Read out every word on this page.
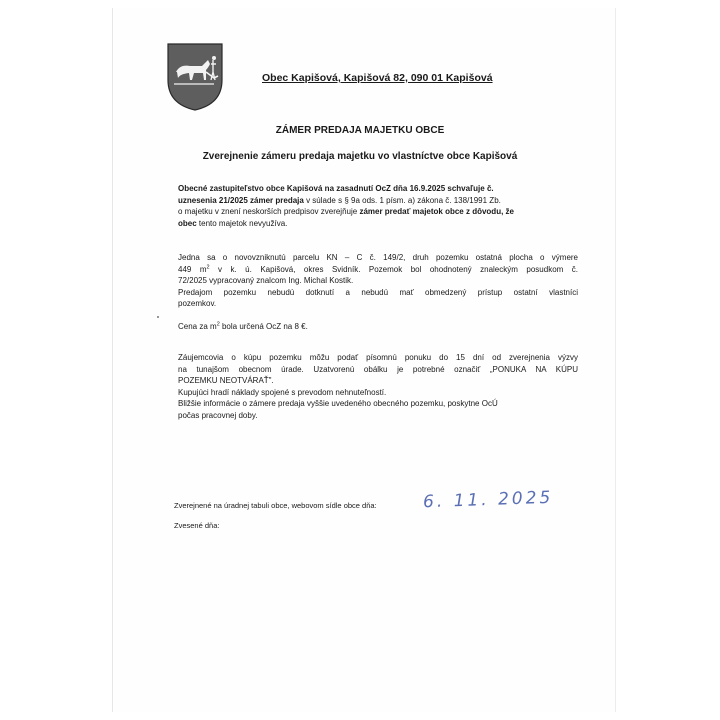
Obec Kapišová, Kapišová 82, 090 01 Kapišová
ZÁMER PREDAJA MAJETKU OBCE
Zverejnenie zámeru predaja majetku vo vlastníctve obce Kapišová
Obecné zastupiteľstvo obce Kapišová na zasadnutí OcZ dňa 16.9.2025 schvaľuje č.
uznesenia 21/2025 zámer predaja v súlade s § 9a ods. 1 písm. a) zákona č. 138/1991 Zb.
o majetku v znení neskorších predpisov zverejňuje zámer predať majetok obce z dôvodu, že
obec tento majetok nevyužíva.
Jedna sa o novovzniknutú parcelu KN – C č. 149/2, druh pozemku ostatná plocha o výmere
449 $m^2$ v k. ú. Kapišová, okres Svidník. Pozemok bol ohodnotený znaleckým posudkom č.
72/2025 vypracovaný znalcom Ing. Michal Kostik.
Predajom pozemku nebudú dotknutí a nebudú mať obmedzený prístup ostatní vlastníci
pozemkov.
Cena za $m^2$ bola určená OcZ na 8 €.
Záujemcovia o kúpu pozemku môžu podať písomnú ponuku do 15 dní od zverejnenia výzvy
na tunajšom obecnom úrade. Uzatvorenú obálku je potrebné označiť „PONUKA NA KÚPU
POZEMKU NEOTVÁRAŤ".
Kupujúci hradí náklady spojené s prevodom nehnuteľností.
Bližšie informácie o zámere predaja vyššie uvedeného obecného pozemku, poskytne OcÚ
počas pracovnej doby.
Zverejnené na úradnej tabuli obce, webovom sídle obce dňa:	6. 11. 2025
Zvesené dňa:
